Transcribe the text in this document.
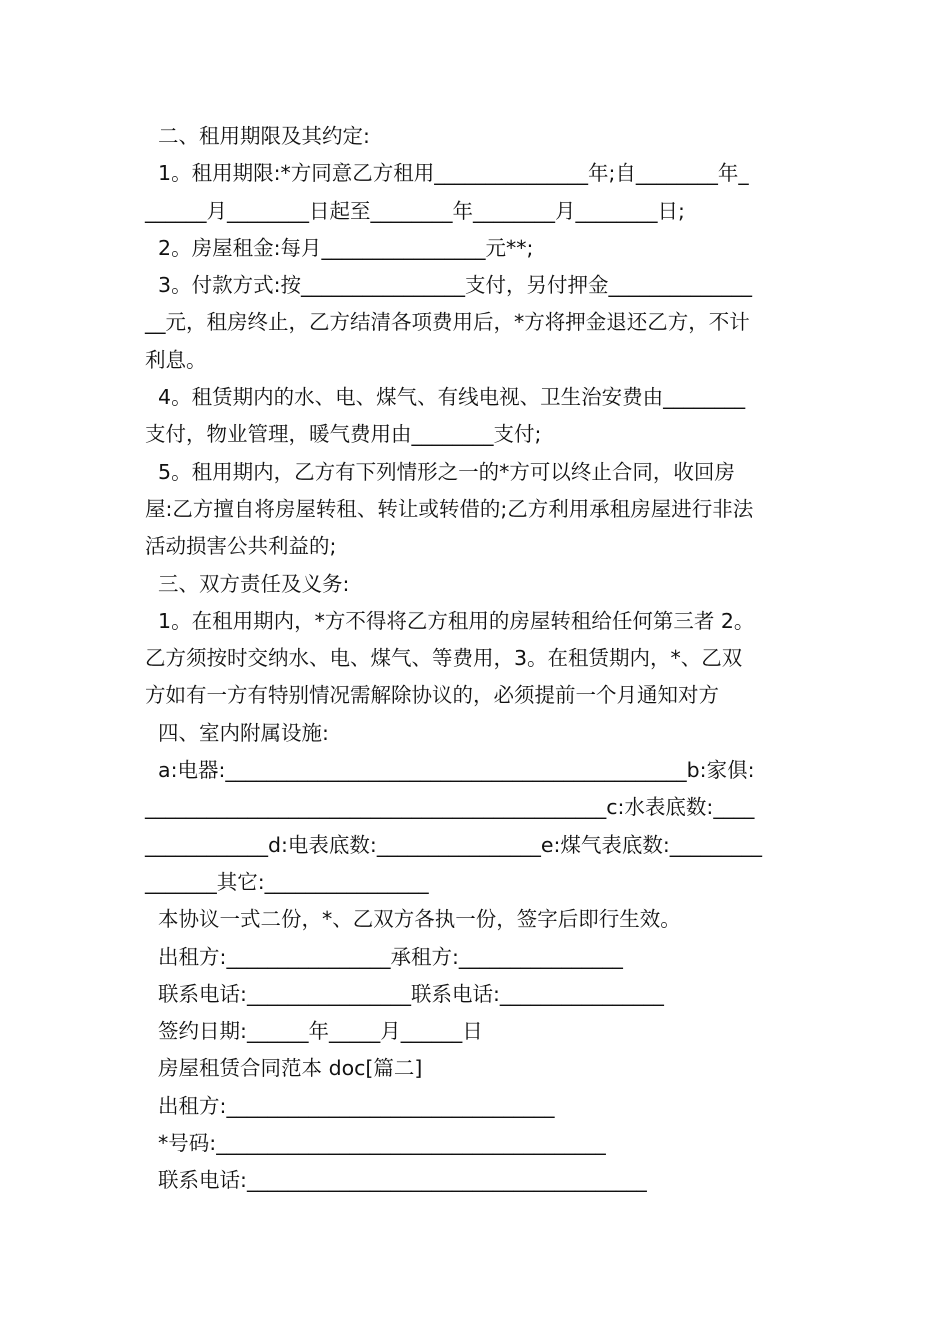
二、租用期限及其约定:

1。租用期限:*方同意乙方租用_______________年;自________年_

______月________日起至________年________月________日;

2。房屋租金:每月________________元**;

3。付款方式:按________________支付，另付押金______________

__元，租房终止，乙方结清各项费用后，*方将押金退还乙方，不计

利息。

4。租赁期内的水、电、煤气、有线电视、卫生治安费由________

支付，物业管理，暖气费用由________支付;

5。租用期内，乙方有下列情形之一的*方可以终止合同，收回房

屋:乙方擅自将房屋转租、转让或转借的;乙方利用承租房屋进行非法

活动损害公共利益的;

三、双方责任及义务:

1。在租用期内，*方不得将乙方租用的房屋转租给任何第三者 2。

乙方须按时交纳水、电、煤气、等费用，3。在租赁期内，*、乙双

方如有一方有特别情况需解除协议的，必须提前一个月通知对方

四、室内附属设施:

a:电器:_____________________________________________b:家俱:

_____________________________________________c:水表底数:____

____________d:电表底数:________________e:煤气表底数:_________

_______其它:________________

本协议一式二份，*、乙双方各执一份，签字后即行生效。

出租方:________________承租方:________________

联系电话:________________联系电话:________________

签约日期:______年_____月______日

房屋租赁合同范本 doc[篇二]

出租方:________________________________

*号码:______________________________________

联系电话:_______________________________________
